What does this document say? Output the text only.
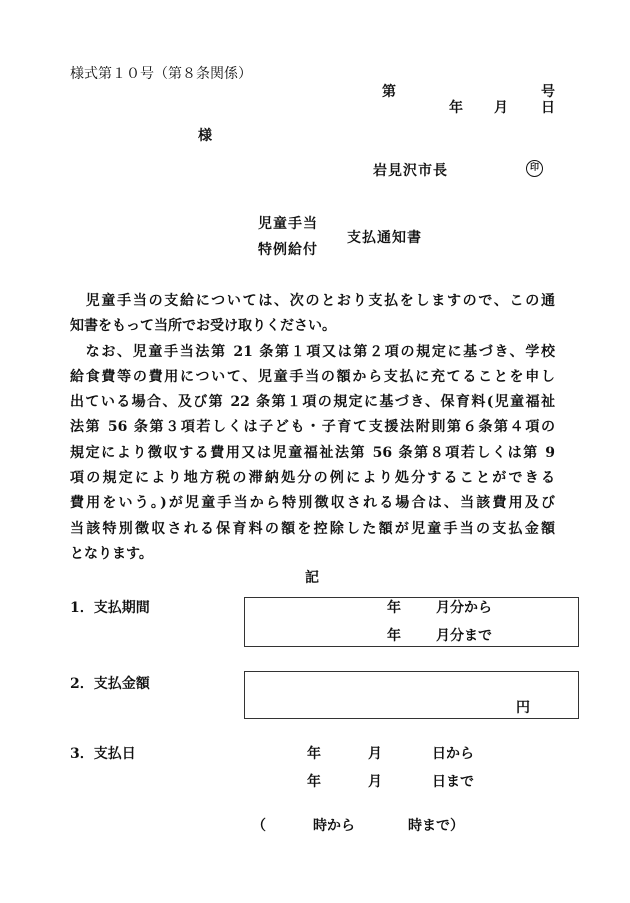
様式第１０号（第８条関係）
第	号
年 月 日
様
岩見沢市長	印
児童手当
特例給付
支払通知書
　児童手当の支給については、次のとおり支払をしますので、この通
知書をもって当所でお受け取りください。
　なお、児童手当法第 21 条第１項又は第２項の規定に基づき、学校
給食費等の費用について、児童手当の額から支払に充てることを申し
出ている場合、及び第 22 条第１項の規定に基づき、保育料(児童福祉
法第 56 条第３項若しくは子ども・子育て支援法附則第６条第４項の
規定により徴収する費用又は児童福祉法第 56 条第８項若しくは第 9
項の規定により地方税の滞納処分の例により処分することができる
費用をいう。)が児童手当から特別徴収される場合は、当該費用及び
当該特別徴収される保育料の額を控除した額が児童手当の支払金額
となります。
記
1．支払期間	年	月分から
年	月分まで
2．支払金額
円
3．支払日	年	月	日から
年	月	日まで
（	時から	時まで）
